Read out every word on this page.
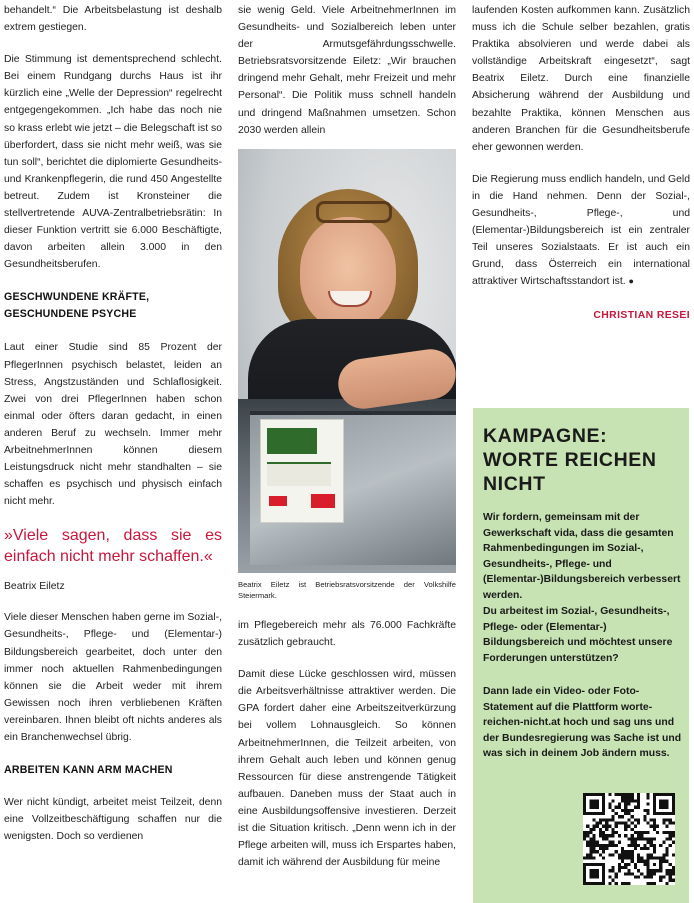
behandelt.“ Die Arbeitsbelastung ist deshalb extrem gestiegen.

Die Stimmung ist dementsprechend schlecht. Bei einem Rundgang durchs Haus ist ihr kürzlich eine „Welle der Depression“ regelrecht entgegengekommen. „Ich habe das noch nie so krass erlebt wie jetzt – die Belegschaft ist so überfordert, dass sie nicht mehr weiß, was sie tun soll“, berichtet die diplomierte Gesundheits- und Krankenpflegerin, die rund 450 Angestellte betreut. Zudem ist Kronsteiner die stellvertretende AUVA-Zentralbetriebsrätin: In dieser Funktion vertritt sie 6.000 Beschäftigte, davon arbeiten allein 3.000 in den Gesundheitsberufen.

GESCHWUNDENE KRÄFTE,
GESCHUNDENE PSYCHE

Laut einer Studie sind 85 Prozent der PflegerInnen psychisch belastet, leiden an Stress, Angstzuständen und Schlaflosigkeit. Zwei von drei PflegerInnen haben schon einmal oder öfters daran gedacht, in einen anderen Beruf zu wechseln. Immer mehr ArbeitnehmerInnen können diesem Leistungsdruck nicht mehr standhalten – sie schaffen es psychisch und physisch einfach nicht mehr.

»Viele sagen, dass sie es einfach nicht mehr schaffen.«

Beatrix Eiletz

Viele dieser Menschen haben gerne im Sozial-, Gesundheits-, Pflege- und (Elementar-) Bildungsbereich gearbeitet, doch unter den immer noch aktuellen Rahmenbedingungen können sie die Arbeit weder mit ihrem Gewissen noch ihren verbliebenen Kräften vereinbaren. Ihnen bleibt oft nichts anderes als ein Branchenwechsel übrig.

ARBEITEN KANN ARM MACHEN

Wer nicht kündigt, arbeitet meist Teilzeit, denn eine Vollzeitbeschäftigung schaffen nur die wenigsten. Doch so verdienen

sie wenig Geld. Viele ArbeitnehmerInnen im Gesundheits- und Sozialbereich leben unter der Armutsgefährdungsschwelle. Betriebsratsvorsitzende Eiletz: „Wir brauchen dringend mehr Gehalt, mehr Freizeit und mehr Personal“. Die Politik muss schnell handeln und dringend Maßnahmen umsetzen. Schon 2030 werden allein

Beatrix Eiletz ist Betriebsratsvorsitzende der Volkshilfe Steiermark.

im Pflegebereich mehr als 76.000 Fachkräfte zusätzlich gebraucht.

Damit diese Lücke geschlossen wird, müssen die Arbeitsverhältnisse attraktiver werden. Die GPA fordert daher eine Arbeitszeitverkürzung bei vollem Lohnausgleich. So können ArbeitnehmerInnen, die Teilzeit arbeiten, von ihrem Gehalt auch leben und können genug Ressourcen für diese anstrengende Tätigkeit aufbauen. Daneben muss der Staat auch in eine Ausbildungsoffensive investieren. Derzeit ist die Situation kritisch. „Denn wenn ich in der Pflege arbeiten will, muss ich Erspartes haben, damit ich während der Ausbildung für meine

laufenden Kosten aufkommen kann. Zusätzlich muss ich die Schule selber bezahlen, gratis Praktika absolvieren und werde dabei als vollständige Arbeitskraft eingesetzt“, sagt Beatrix Eiletz. Durch eine finanzielle Absicherung während der Ausbildung und bezahlte Praktika, können Menschen aus anderen Branchen für die Gesundheitsberufe eher gewonnen werden.

Die Regierung muss endlich handeln, und Geld in die Hand nehmen. Denn der Sozial-, Gesundheits-, Pflege-, und (Elementar-)Bildungsbereich ist ein zentraler Teil unseres Sozialstaats. Er ist auch ein Grund, dass Österreich ein international attraktiver Wirtschaftsstandort ist. ●

CHRISTIAN RESEI

KAMPAGNE:
WORTE REICHEN
NICHT

Wir fordern, gemeinsam mit der Gewerkschaft vida, dass die gesamten Rahmenbedingungen im Sozial-, Gesundheits-, Pflege- und (Elementar-)Bildungsbereich verbessert werden.

Du arbeitest im Sozial-, Gesundheits-, Pflege- oder (Elementar-) Bildungsbereich und möchtest unsere Forderungen unterstützen?

Dann lade ein Video- oder Foto-Statement auf die Plattform worte-reichen-nicht.at hoch und sag uns und der Bundesregierung was Sache ist und was sich in deinem Job ändern muss.
